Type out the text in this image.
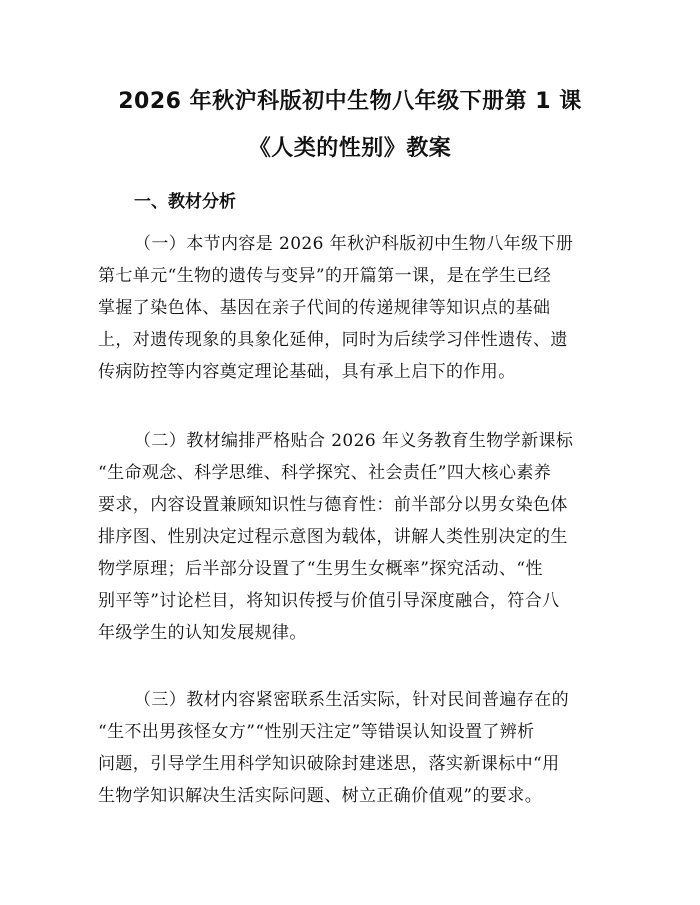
2026 年秋沪科版初中生物八年级下册第 1 课
《人类的性别》教案
一、教材分析
（一）本节内容是 2026 年秋沪科版初中生物八年级下册
第七单元“生物的遗传与变异”的开篇第一课，是在学生已经
掌握了染色体、基因在亲子代间的传递规律等知识点的基础
上，对遗传现象的具象化延伸，同时为后续学习伴性遗传、遗
传病防控等内容奠定理论基础，具有承上启下的作用。
（二）教材编排严格贴合 2026 年义务教育生物学新课标
“生命观念、科学思维、科学探究、社会责任”四大核心素养
要求，内容设置兼顾知识性与德育性：前半部分以男女染色体
排序图、性别决定过程示意图为载体，讲解人类性别决定的生
物学原理；后半部分设置了“生男生女概率”探究活动、“性
别平等”讨论栏目，将知识传授与价值引导深度融合，符合八
年级学生的认知发展规律。
（三）教材内容紧密联系生活实际，针对民间普遍存在的
“生不出男孩怪女方”“性别天注定”等错误认知设置了辨析
问题，引导学生用科学知识破除封建迷思，落实新课标中“用
生物学知识解决生活实际问题、树立正确价值观”的要求。
